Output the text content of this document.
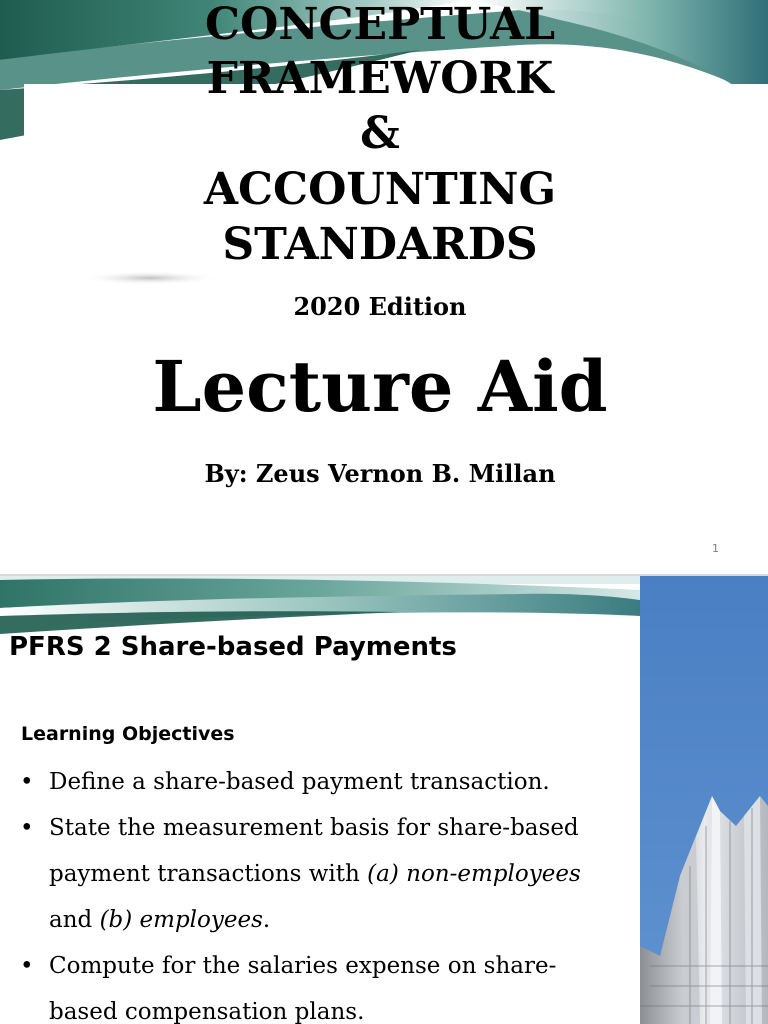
CONCEPTUAL
FRAMEWORK
&
ACCOUNTING
STANDARDS
2020 Edition
Lecture Aid
By: Zeus Vernon B. Millan
1
PFRS 2 Share-based Payments
Learning Objectives
• Define a share-based payment transaction.
• State the measurement basis for share-based payment transactions with (a) non-employees and (b) employees.
• Compute for the salaries expense on share-based compensation plans.
